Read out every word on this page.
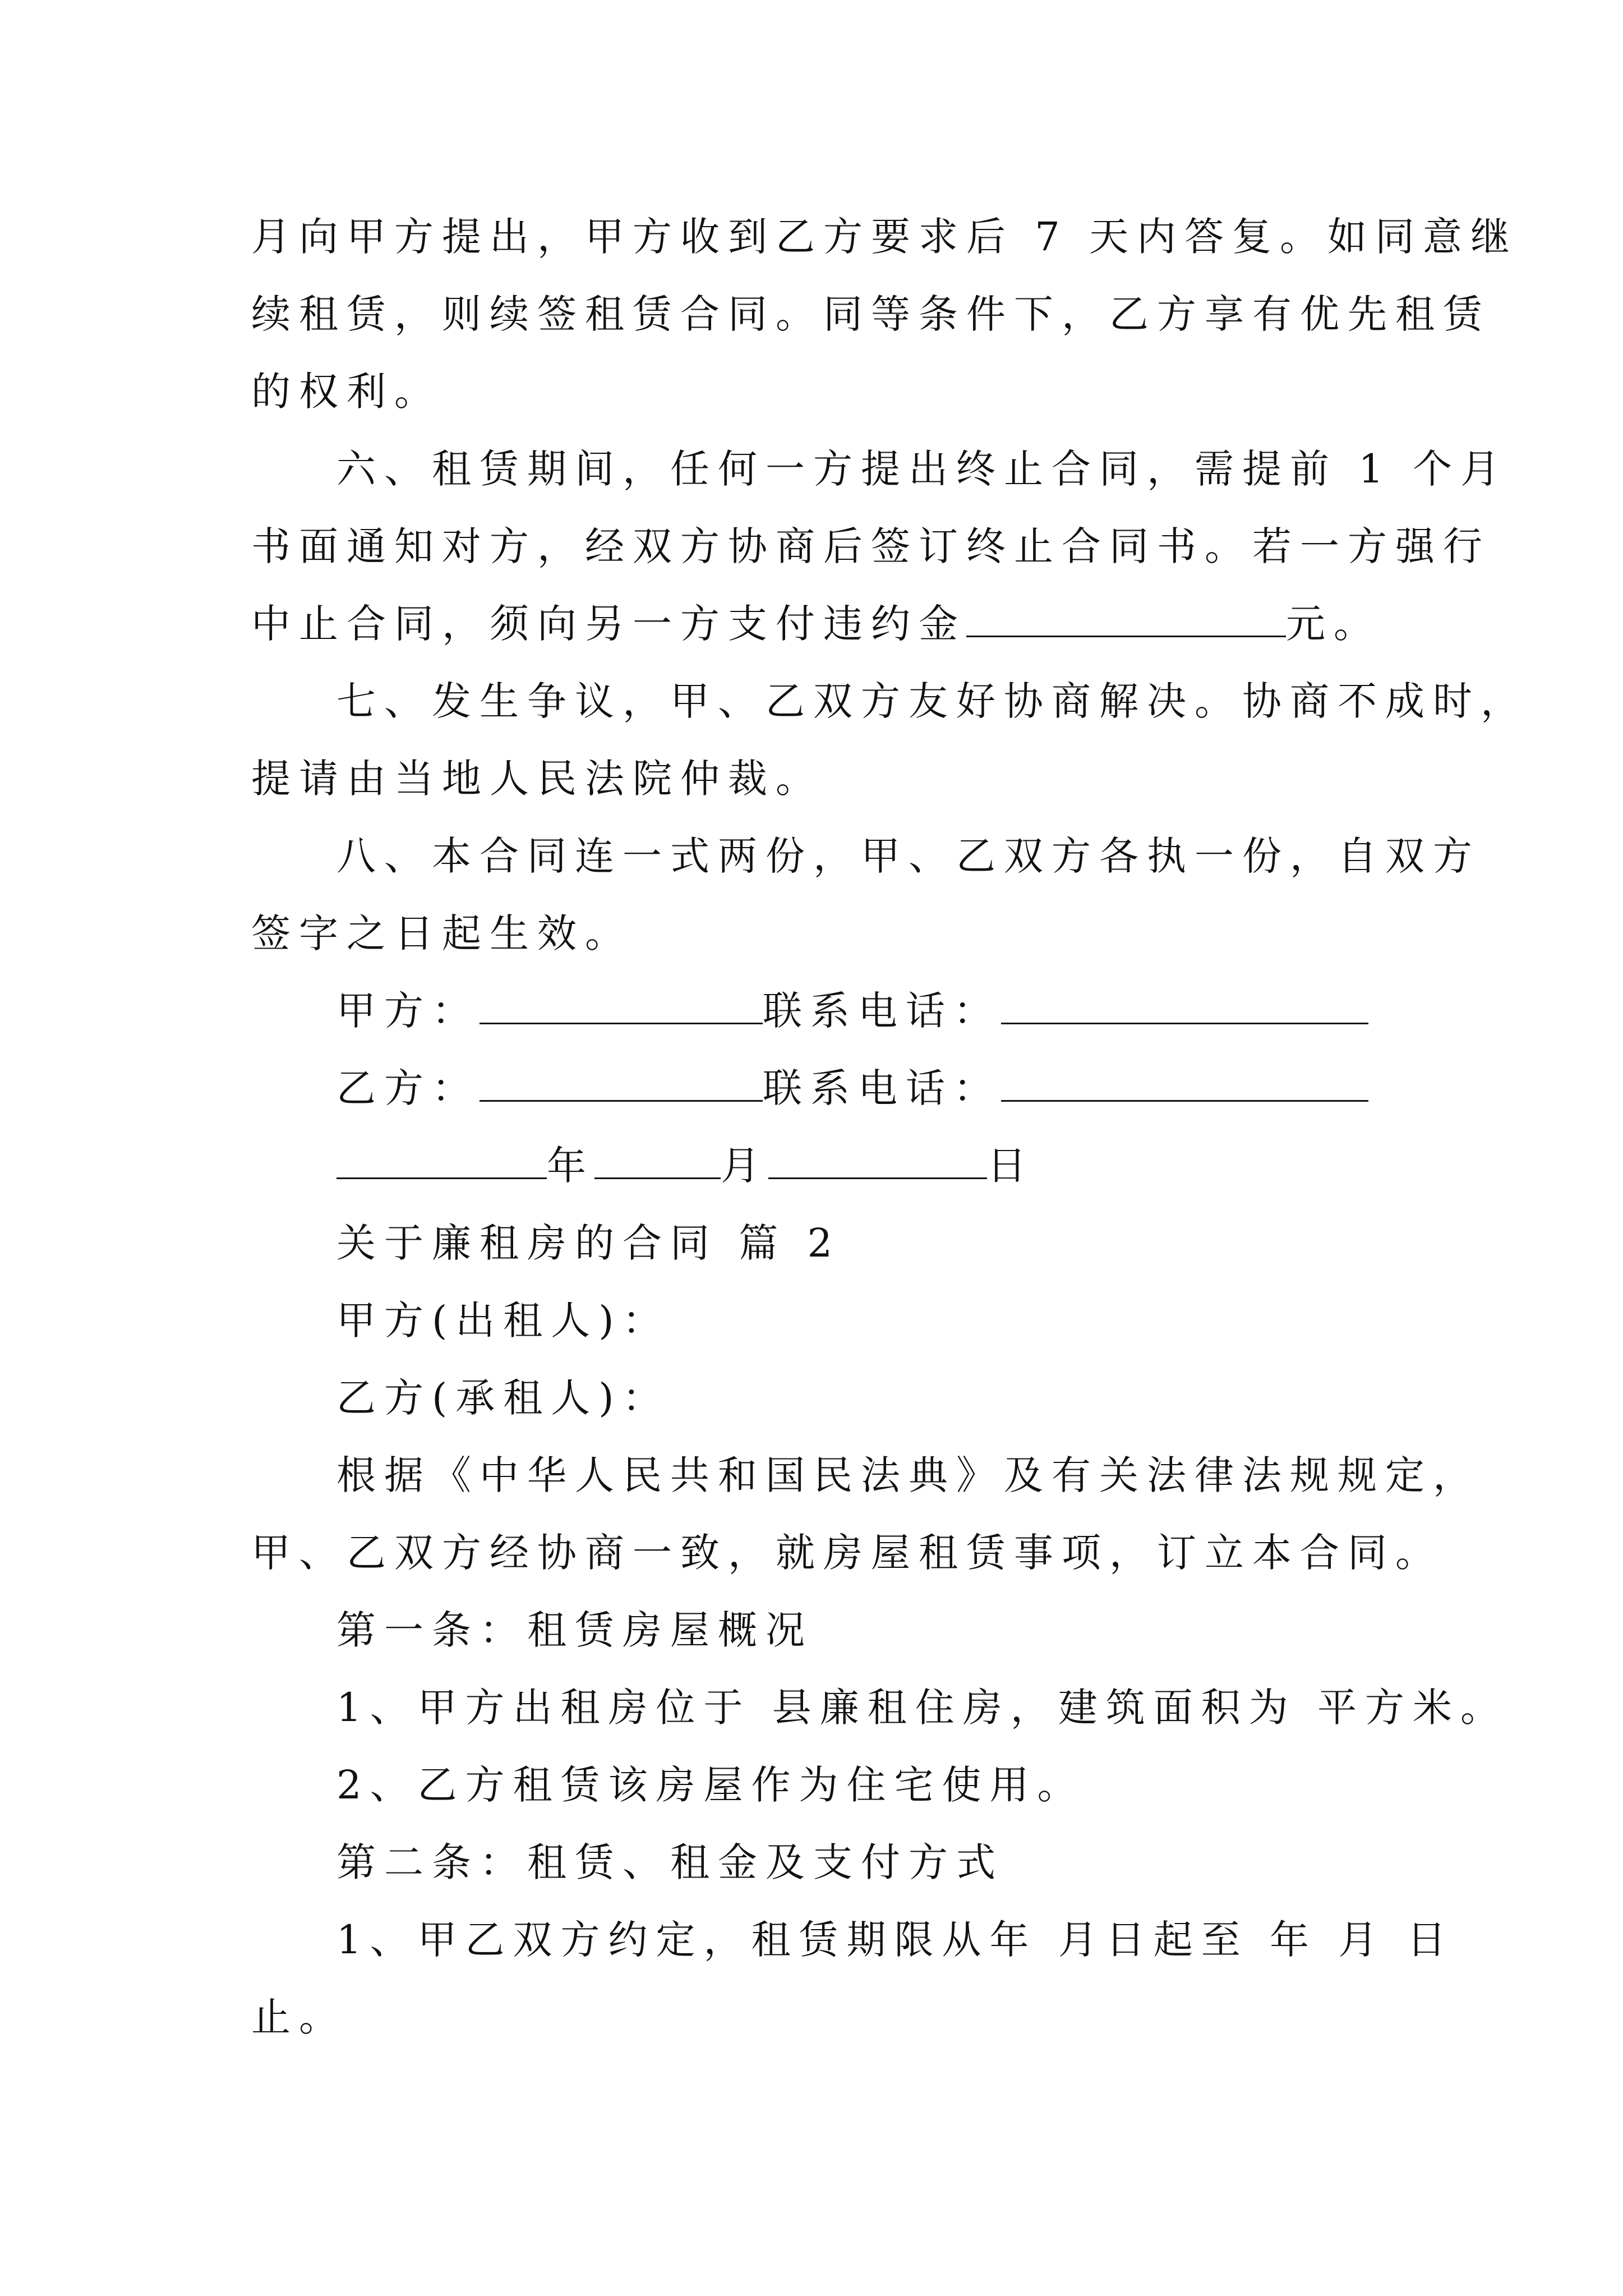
月向甲方提出，甲方收到乙方要求后 7 天内答复。如同意继
续租赁，则续签租赁合同。同等条件下，乙方享有优先租赁
的权利。
六、租赁期间，任何一方提出终止合同，需提前 1 个月
书面通知对方，经双方协商后签订终止合同书。若一方强行
中止合同，须向另一方支付违约金	元。
七、发生争议，甲、乙双方友好协商解决。协商不成时，
提请由当地人民法院仲裁。
八、本合同连一式两份，甲、乙双方各执一份，自双方
签字之日起生效。
甲方：	联系电话：
乙方：	联系电话：
年	月	日
关于廉租房的合同 篇 2
甲方(出租人)：
乙方(承租人)：
根据《中华人民共和国民法典》及有关法律法规规定，
甲、乙双方经协商一致，就房屋租赁事项，订立本合同。
第一条：租赁房屋概况
1、甲方出租房位于 县廉租住房，建筑面积为 平方米。
2、乙方租赁该房屋作为住宅使用。
第二条：租赁、租金及支付方式
1、甲乙双方约定，租赁期限从年 月日起至 年 月 日
止。
